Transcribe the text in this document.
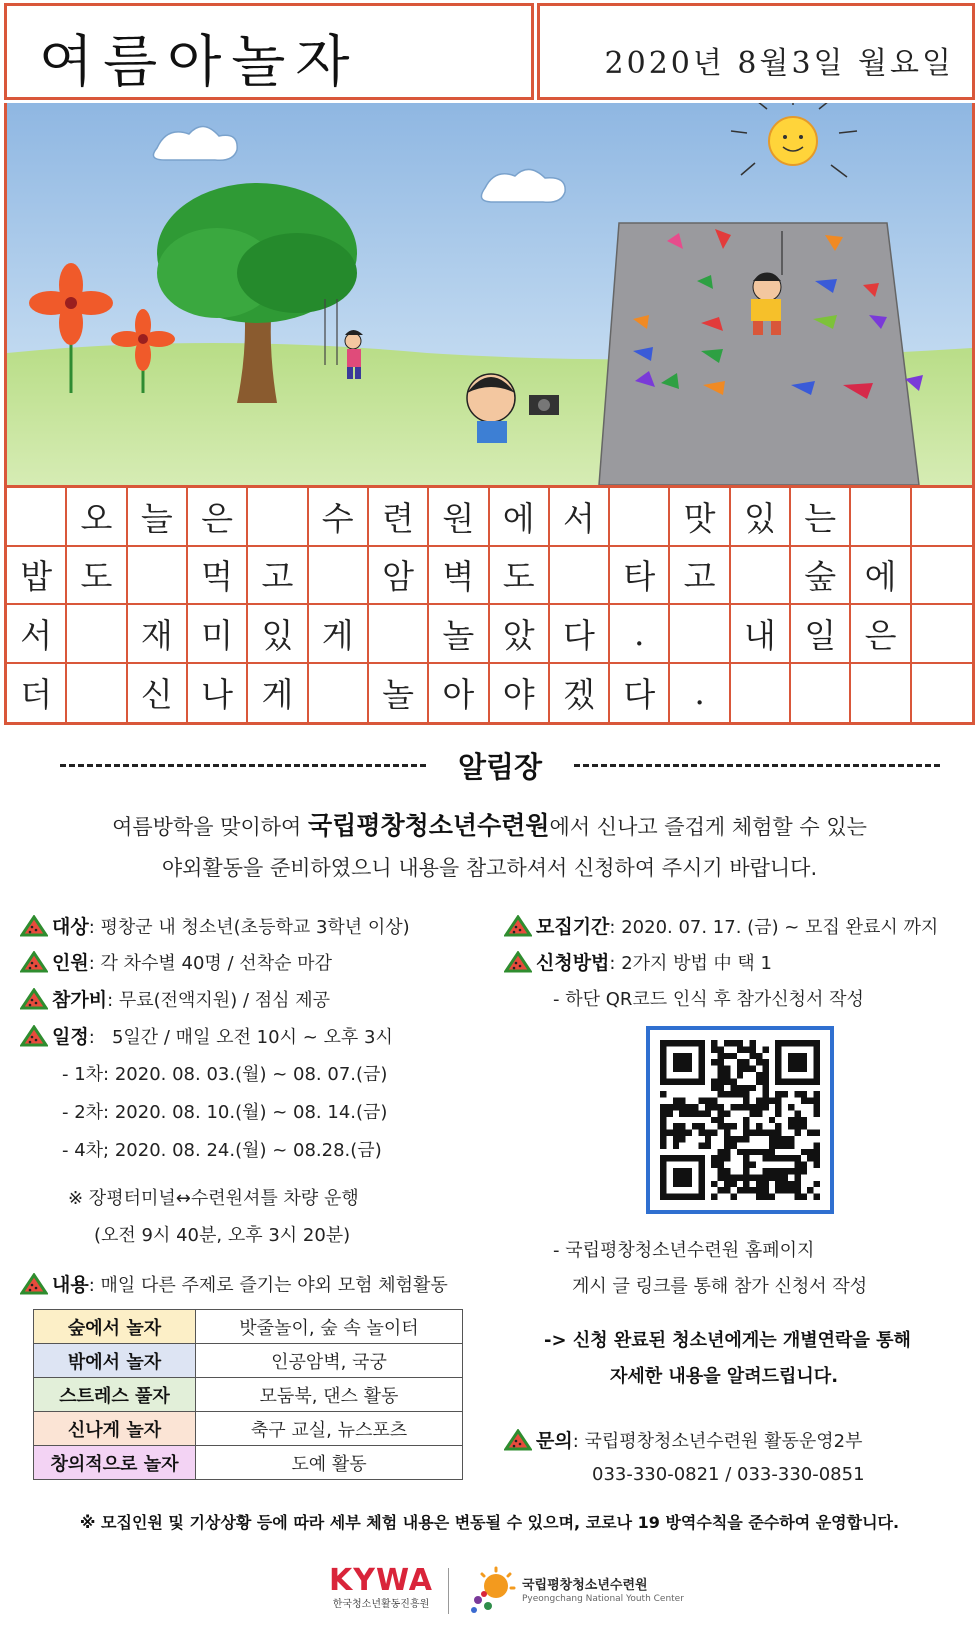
여름아놀자	2020년 8월3일 월요일
오 늘 은	수 련 원 에 서	맛 있 는
밥 도	먹 고	암 벽 도	타 고	숲 에
서	재 미 있 게	놀 았 다	.	내 일 은
더	신 나 게	놀 아 야 겠 다	.
알림장
여름방학을 맞이하여 국립평창청소년수련원에서 신나고 즐겁게 체험할 수 있는
야외활동을 준비하였으니 내용을 참고하셔서 신청하여 주시기 바랍니다.
대상 : 평창군 내 청소년(초등학교 3학년 이상)
인원 : 각 차수별 40명 / 선착순 마감
참가비 : 무료(전액지원) / 점심 제공
일정 :   5일간 / 매일 오전 10시 ~ 오후 3시
- 1차: 2020. 08. 03.(월) ~ 08. 07.(금)
- 2차: 2020. 08. 10.(월) ~ 08. 14.(금)
- 4차; 2020. 08. 24.(월) ~ 08.28.(금)
※ 장평터미널↔수련원셔틀 차량 운행
(오전 9시 40분, 오후 3시 20분)
내용 : 매일 다른 주제로 즐기는 야외 모험 체험활동
숲에서 놀자	밧줄놀이, 숲 속 놀이터
밖에서 놀자	인공암벽, 국궁
스트레스 풀자	모둠북, 댄스 활동
신나게 놀자	축구 교실, 뉴스포츠
창의적으로 놀자	도예 활동
모집기간 : 2020. 07. 17. (금) ~ 모집 완료시 까지
신청방법 : 2가지 방법 中 택 1
- 하단 QR코드 인식 후 참가신청서 작성
- 국립평창청소년수련원 홈페이지
게시 글 링크를 통해 참가 신청서 작성
-> 신청 완료된 청소년에게는 개별연락을 통해
자세한 내용을 알려드립니다.
문의 : 국립평창청소년수련원 활동운영2부
033-330-0821 / 033-330-0851
※ 모집인원 및 기상상황 등에 따라 세부 체험 내용은 변동될 수 있으며, 코로나 19 방역수칙을 준수하여 운영합니다.
KYWA
한국청소년활동진흥원
국립평창청소년수련원
Pyeongchang National Youth Center
